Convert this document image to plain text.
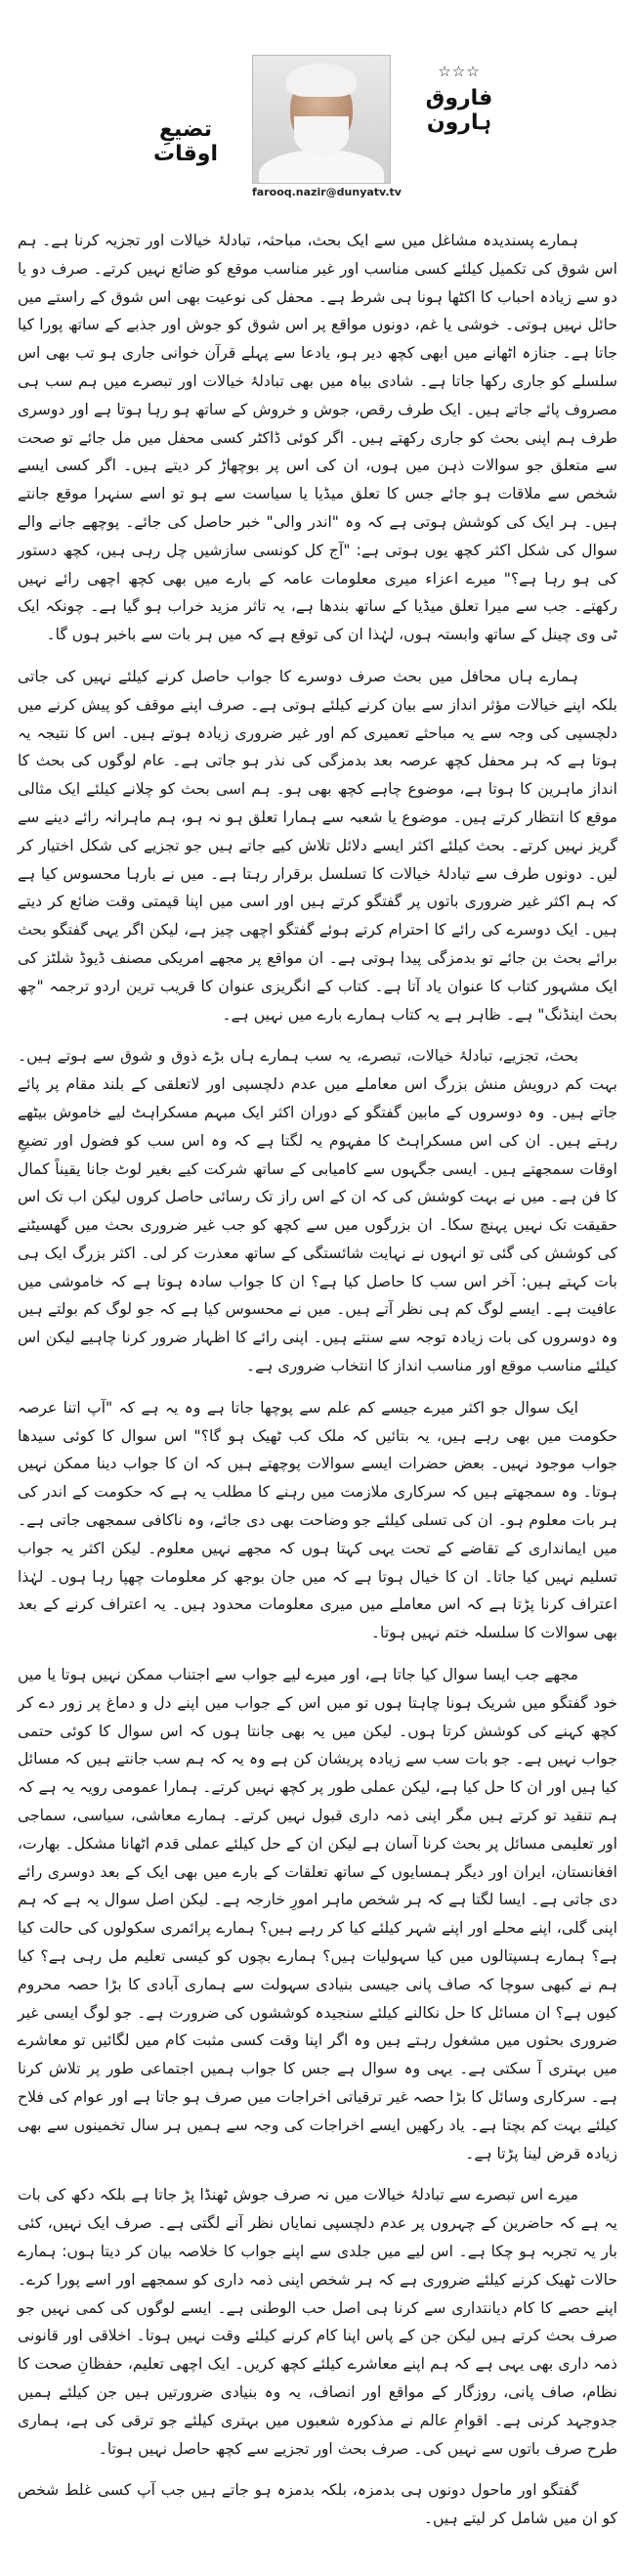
☆☆☆
فاروق ہارون
farooq.nazir@dunyatv.tv
تضیعِ اوقات

ہمارے پسندیدہ مشاغل میں سے ایک بحث، مباحثہ، تبادلۂ خیالات اور تجزیہ کرنا ہے۔ ہم اس شوق کی تکمیل کیلئے کسی مناسب اور غیر مناسب موقع کو ضائع نہیں کرتے۔ صرف دو یا دو سے زیادہ احباب کا اکٹھا ہونا ہی شرط ہے۔ محفل کی نوعیت بھی اس شوق کے راستے میں حائل نہیں ہوتی۔ خوشی یا غم، دونوں مواقع پر اس شوق کو جوش اور جذبے کے ساتھ پورا کیا جاتا ہے۔ جنازہ اٹھانے میں ابھی کچھ دیر ہو، یادعا سے پہلے قرآن خوانی جاری ہو تب بھی اس سلسلے کو جاری رکھا جاتا ہے۔ شادی بیاہ میں بھی تبادلۂ خیالات اور تبصرے میں ہم سب ہی مصروف پائے جاتے ہیں۔ ایک طرف رقص، جوش و خروش کے ساتھ ہو رہا ہوتا ہے اور دوسری طرف ہم اپنی بحث کو جاری رکھتے ہیں۔ اگر کوئی ڈاکٹر کسی محفل میں مل جائے تو صحت سے متعلق جو سوالات ذہن میں ہوں، ان کی اس پر بوچھاڑ کر دیتے ہیں۔ اگر کسی ایسے شخص سے ملاقات ہو جائے جس کا تعلق میڈیا یا سیاست سے ہو تو اسے سنہرا موقع جانتے ہیں۔ ہر ایک کی کوشش ہوتی ہے کہ وہ "اندر والی" خبر حاصل کی جائے۔ پوچھے جانے والے سوال کی شکل اکثر کچھ یوں ہوتی ہے: "آج کل کونسی سازشیں چل رہی ہیں، کچھ دستور کی ہو رہا ہے؟" میرے اعزاء میری معلومات عامہ کے بارے میں بھی کچھ اچھی رائے نہیں رکھتے۔ جب سے میرا تعلق میڈیا کے ساتھ بندھا ہے، یہ تاثر مزید خراب ہو گیا ہے۔ چونکہ ایک ٹی وی چینل کے ساتھ وابستہ ہوں، لہٰذا ان کی توقع ہے کہ میں ہر بات سے باخبر ہوں گا۔

ہمارے ہاں محافل میں بحث صرف دوسرے کا جواب حاصل کرنے کیلئے نہیں کی جاتی بلکہ اپنے خیالات مؤثر انداز سے بیان کرنے کیلئے ہوتی ہے۔ صرف اپنے موقف کو پیش کرنے میں دلچسپی کی وجہ سے یہ مباحثے تعمیری کم اور غیر ضروری زیادہ ہوتے ہیں۔ اس کا نتیجہ یہ ہوتا ہے کہ ہر محفل کچھ عرصہ بعد بدمزگی کی نذر ہو جاتی ہے۔ عام لوگوں کی بحث کا انداز ماہرین کا ہوتا ہے، موضوع چاہے کچھ بھی ہو۔ ہم اسی بحث کو چلانے کیلئے ایک مثالی موقع کا انتظار کرتے ہیں۔ موضوع یا شعبہ سے ہمارا تعلق ہو نہ ہو، ہم ماہرانہ رائے دینے سے گریز نہیں کرتے۔ بحث کیلئے اکثر ایسے دلائل تلاش کیے جاتے ہیں جو تجزیے کی شکل اختیار کر لیں۔ دونوں طرف سے تبادلۂ خیالات کا تسلسل برقرار رہتا ہے۔ میں نے بارہا محسوس کیا ہے کہ ہم اکثر غیر ضروری باتوں پر گفتگو کرتے ہیں اور اسی میں اپنا قیمتی وقت ضائع کر دیتے ہیں۔ ایک دوسرے کی رائے کا احترام کرتے ہوئے گفتگو اچھی چیز ہے، لیکن اگر یہی گفتگو بحث برائے بحث بن جائے تو بدمزگی پیدا ہوتی ہے۔ ان مواقع پر مجھے امریکی مصنف ڈیوڈ شلٹز کی ایک مشہور کتاب کا عنوان یاد آتا ہے۔ کتاب کے انگریزی عنوان کا قریب ترین اردو ترجمہ "چھ بحث اینڈنگ" ہے۔ ظاہر ہے یہ کتاب ہمارے بارے میں نہیں ہے۔

بحث، تجزیے، تبادلۂ خیالات، تبصرے، یہ سب ہمارے ہاں بڑے ذوق و شوق سے ہوتے ہیں۔ بہت کم درویش منش بزرگ اس معاملے میں عدم دلچسپی اور لاتعلقی کے بلند مقام پر پائے جاتے ہیں۔ وہ دوسروں کے مابین گفتگو کے دوران اکثر ایک مبہم مسکراہٹ لیے خاموش بیٹھے رہتے ہیں۔ ان کی اس مسکراہٹ کا مفہوم یہ لگتا ہے کہ وہ اس سب کو فضول اور تضیعِ اوقات سمجھتے ہیں۔ ایسی جگہوں سے کامیابی کے ساتھ شرکت کیے بغیر لوٹ جانا یقیناً کمال کا فن ہے۔ میں نے بہت کوشش کی کہ ان کے اس راز تک رسائی حاصل کروں لیکن اب تک اس حقیقت تک نہیں پہنچ سکا۔ ان بزرگوں میں سے کچھ کو جب غیر ضروری بحث میں گھسیٹنے کی کوشش کی گئی تو انہوں نے نہایت شائستگی کے ساتھ معذرت کر لی۔ اکثر بزرگ ایک ہی بات کہتے ہیں: آخر اس سب کا حاصل کیا ہے؟ ان کا جواب سادہ ہوتا ہے کہ خاموشی میں عافیت ہے۔ ایسے لوگ کم ہی نظر آتے ہیں۔ میں نے محسوس کیا ہے کہ جو لوگ کم بولتے ہیں وہ دوسروں کی بات زیادہ توجہ سے سنتے ہیں۔ اپنی رائے کا اظہار ضرور کرنا چاہیے لیکن اس کیلئے مناسب موقع اور مناسب انداز کا انتخاب ضروری ہے۔

ایک سوال جو اکثر میرے جیسے کم علم سے پوچھا جاتا ہے وہ یہ ہے کہ "آپ اتنا عرصہ حکومت میں بھی رہے ہیں، یہ بتائیں کہ ملک کب ٹھیک ہو گا؟" اس سوال کا کوئی سیدھا جواب موجود نہیں۔ بعض حضرات ایسے سوالات پوچھتے ہیں کہ ان کا جواب دینا ممکن نہیں ہوتا۔ وہ سمجھتے ہیں کہ سرکاری ملازمت میں رہنے کا مطلب یہ ہے کہ حکومت کے اندر کی ہر بات معلوم ہو۔ ان کی تسلی کیلئے جو وضاحت بھی دی جائے، وہ ناکافی سمجھی جاتی ہے۔ میں ایمانداری کے تقاضے کے تحت یہی کہتا ہوں کہ مجھے نہیں معلوم۔ لیکن اکثر یہ جواب تسلیم نہیں کیا جاتا۔ ان کا خیال ہوتا ہے کہ میں جان بوجھ کر معلومات چھپا رہا ہوں۔ لہٰذا اعتراف کرنا پڑتا ہے کہ اس معاملے میں میری معلومات محدود ہیں۔ یہ اعتراف کرنے کے بعد بھی سوالات کا سلسلہ ختم نہیں ہوتا۔

مجھے جب ایسا سوال کیا جاتا ہے، اور میرے لیے جواب سے اجتناب ممکن نہیں ہوتا یا میں خود گفتگو میں شریک ہونا چاہتا ہوں تو میں اس کے جواب میں اپنے دل و دماغ پر زور دے کر کچھ کہنے کی کوشش کرتا ہوں۔ لیکن میں یہ بھی جانتا ہوں کہ اس سوال کا کوئی حتمی جواب نہیں ہے۔ جو بات سب سے زیادہ پریشان کن ہے وہ یہ کہ ہم سب جانتے ہیں کہ مسائل کیا ہیں اور ان کا حل کیا ہے، لیکن عملی طور پر کچھ نہیں کرتے۔ ہمارا عمومی رویہ یہ ہے کہ ہم تنقید تو کرتے ہیں مگر اپنی ذمہ داری قبول نہیں کرتے۔ ہمارے معاشی، سیاسی، سماجی اور تعلیمی مسائل پر بحث کرنا آسان ہے لیکن ان کے حل کیلئے عملی قدم اٹھانا مشکل۔ بھارت، افغانستان، ایران اور دیگر ہمسایوں کے ساتھ تعلقات کے بارے میں بھی ایک کے بعد دوسری رائے دی جاتی ہے۔ ایسا لگتا ہے کہ ہر شخص ماہر امورِ خارجہ ہے۔ لیکن اصل سوال یہ ہے کہ ہم اپنی گلی، اپنے محلے اور اپنے شہر کیلئے کیا کر رہے ہیں؟ ہمارے پرائمری سکولوں کی حالت کیا ہے؟ ہمارے ہسپتالوں میں کیا سہولیات ہیں؟ ہمارے بچوں کو کیسی تعلیم مل رہی ہے؟ کیا ہم نے کبھی سوچا کہ صاف پانی جیسی بنیادی سہولت سے ہماری آبادی کا بڑا حصہ محروم کیوں ہے؟ ان مسائل کا حل نکالنے کیلئے سنجیدہ کوششوں کی ضرورت ہے۔ جو لوگ ایسی غیر ضروری بحثوں میں مشغول رہتے ہیں وہ اگر اپنا وقت کسی مثبت کام میں لگائیں تو معاشرے میں بہتری آ سکتی ہے۔ یہی وہ سوال ہے جس کا جواب ہمیں اجتماعی طور پر تلاش کرنا ہے۔ سرکاری وسائل کا بڑا حصہ غیر ترقیاتی اخراجات میں صرف ہو جاتا ہے اور عوام کی فلاح کیلئے بہت کم بچتا ہے۔ یاد رکھیں ایسے اخراجات کی وجہ سے ہمیں ہر سال تخمینوں سے بھی زیادہ قرض لینا پڑتا ہے۔

میرے اس تبصرے سے تبادلۂ خیالات میں نہ صرف جوش ٹھنڈا پڑ جاتا ہے بلکہ دکھ کی بات یہ ہے کہ حاضرین کے چہروں پر عدم دلچسپی نمایاں نظر آنے لگتی ہے۔ صرف ایک نہیں، کئی بار یہ تجربہ ہو چکا ہے۔ اس لیے میں جلدی سے اپنے جواب کا خلاصہ بیان کر دیتا ہوں: ہمارے حالات ٹھیک کرنے کیلئے ضروری ہے کہ ہر شخص اپنی ذمہ داری کو سمجھے اور اسے پورا کرے۔ اپنے حصے کا کام دیانتداری سے کرنا ہی اصل حب الوطنی ہے۔ ایسے لوگوں کی کمی نہیں جو صرف بحث کرتے ہیں لیکن جن کے پاس اپنا کام کرنے کیلئے وقت نہیں ہوتا۔ اخلاقی اور قانونی ذمہ داری بھی یہی ہے کہ ہم اپنے معاشرے کیلئے کچھ کریں۔ ایک اچھی تعلیم، حفظانِ صحت کا نظام، صاف پانی، روزگار کے مواقع اور انصاف، یہ وہ بنیادی ضرورتیں ہیں جن کیلئے ہمیں جدوجہد کرنی ہے۔ اقوامِ عالم نے مذکورہ شعبوں میں بہتری کیلئے جو ترقی کی ہے، ہماری طرح صرف باتوں سے نہیں کی۔ صرف بحث اور تجزیے سے کچھ حاصل نہیں ہوتا۔

گفتگو اور ماحول دونوں ہی بدمزہ، بلکہ بدمزہ ہو جاتے ہیں جب آپ کسی غلط شخص کو ان میں شامل کر لیتے ہیں۔
